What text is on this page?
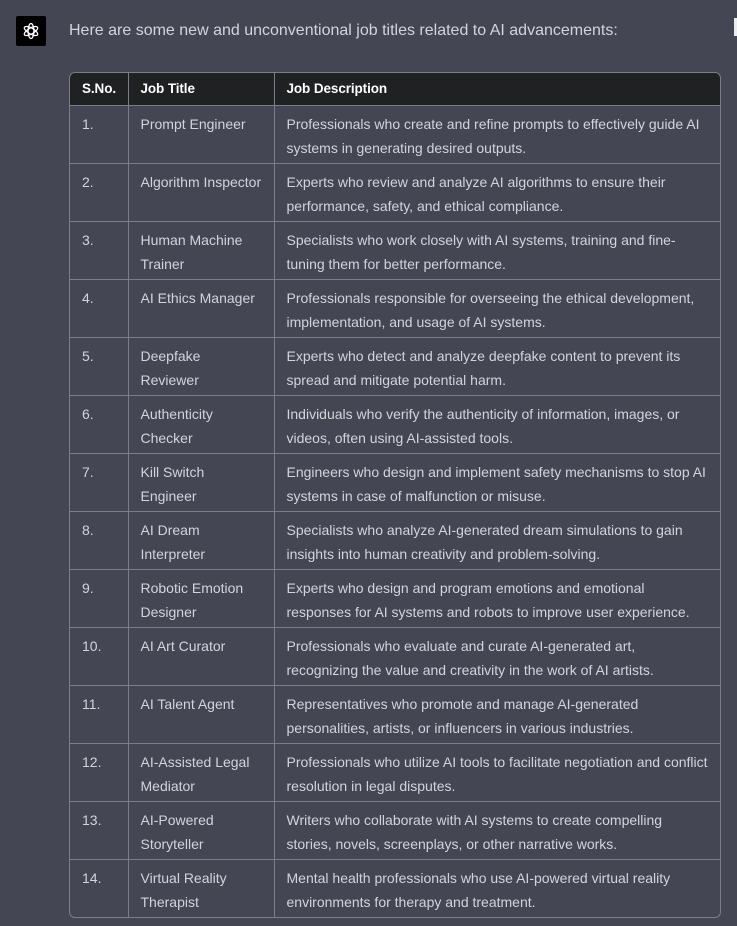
Here are some new and unconventional job titles related to AI advancements:
S.No.	Job Title	Job Description
1.	Prompt Engineer	Professionals who create and refine prompts to effectively guide AI systems in generating desired outputs.
2.	Algorithm Inspector	Experts who review and analyze AI algorithms to ensure their performance, safety, and ethical compliance.
3.	Human Machine Trainer	Specialists who work closely with AI systems, training and fine-tuning them for better performance.
4.	AI Ethics Manager	Professionals responsible for overseeing the ethical development, implementation, and usage of AI systems.
5.	Deepfake Reviewer	Experts who detect and analyze deepfake content to prevent its spread and mitigate potential harm.
6.	Authenticity Checker	Individuals who verify the authenticity of information, images, or videos, often using AI-assisted tools.
7.	Kill Switch Engineer	Engineers who design and implement safety mechanisms to stop AI systems in case of malfunction or misuse.
8.	AI Dream Interpreter	Specialists who analyze AI-generated dream simulations to gain insights into human creativity and problem-solving.
9.	Robotic Emotion Designer	Experts who design and program emotions and emotional responses for AI systems and robots to improve user experience.
10.	AI Art Curator	Professionals who evaluate and curate AI-generated art, recognizing the value and creativity in the work of AI artists.
11.	AI Talent Agent	Representatives who promote and manage AI-generated personalities, artists, or influencers in various industries.
12.	AI-Assisted Legal Mediator	Professionals who utilize AI tools to facilitate negotiation and conflict resolution in legal disputes.
13.	AI-Powered Storyteller	Writers who collaborate with AI systems to create compelling stories, novels, screenplays, or other narrative works.
14.	Virtual Reality Therapist	Mental health professionals who use AI-powered virtual reality environments for therapy and treatment.
